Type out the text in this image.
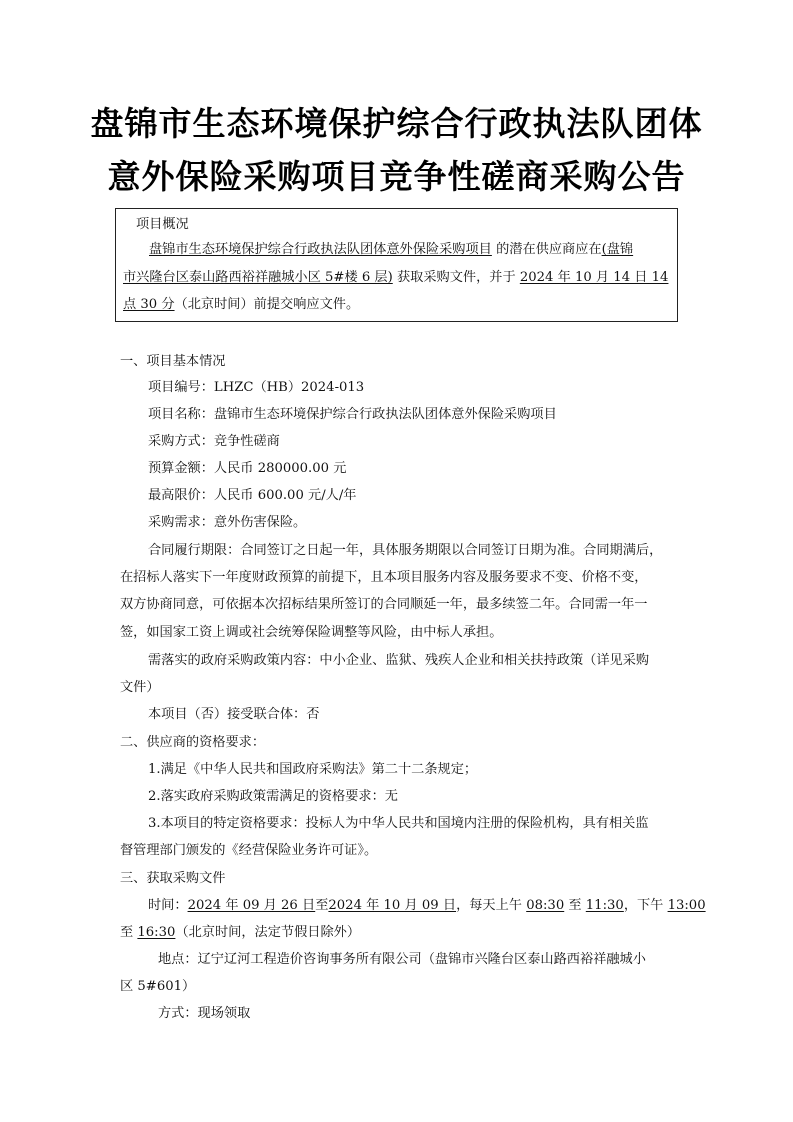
盘锦市生态环境保护综合行政执法队团体
意外保险采购项目竞争性磋商采购公告
项目概况
盘锦市生态环境保护综合行政执法队团体意外保险采购项目 的潜在供应商应在(盘锦
市兴隆台区泰山路西裕祥融城小区 5#楼 6 层) 获取采购文件，并于 2024 年 10 月 14 日 14
点 30 分（北京时间）前提交响应文件。
一、项目基本情况
项目编号：LHZC（HB）2024-013
项目名称：盘锦市生态环境保护综合行政执法队团体意外保险采购项目
采购方式：竞争性磋商
预算金额：人民币 280000.00 元
最高限价：人民币 600.00 元/人/年
采购需求：意外伤害保险。
合同履行期限：合同签订之日起一年，具体服务期限以合同签订日期为准。合同期满后，
在招标人落实下一年度财政预算的前提下，且本项目服务内容及服务要求不变、价格不变，
双方协商同意，可依据本次招标结果所签订的合同顺延一年，最多续签二年。合同需一年一
签，如国家工资上调或社会统筹保险调整等风险，由中标人承担。
需落实的政府采购政策内容：中小企业、监狱、残疾人企业和相关扶持政策（详见采购
文件）
本项目（否）接受联合体：否
二、供应商的资格要求：
1.满足《中华人民共和国政府采购法》第二十二条规定；
2.落实政府采购政策需满足的资格要求：无
3.本项目的特定资格要求：投标人为中华人民共和国境内注册的保险机构，具有相关监
督管理部门颁发的《经营保险业务许可证》。
三、获取采购文件
时间：2024 年 09 月 26 日至2024 年 10 月 09 日，每天上午 08:30 至 11:30，下午 13:00
至 16:30（北京时间，法定节假日除外）
地点：辽宁辽河工程造价咨询事务所有限公司（盘锦市兴隆台区泰山路西裕祥融城小
区 5#601）
方式：现场领取
